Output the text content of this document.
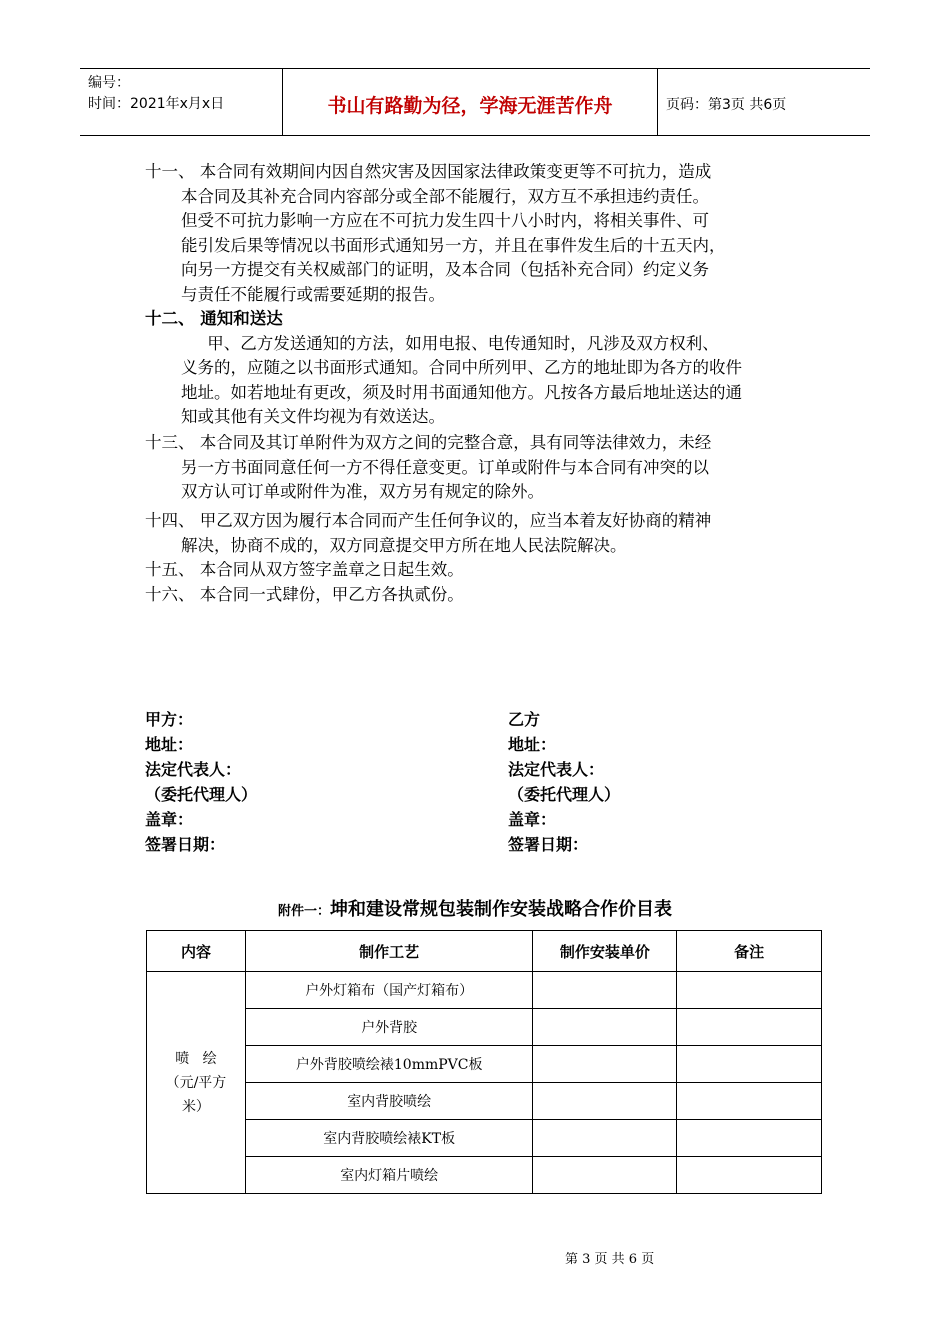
编号：
时间：2021年x月x日	书山有路勤为径，学海无涯苦作舟	页码：第3页 共6页
十一、 本合同有效期间内因自然灾害及因国家法律政策变更等不可抗力，造成
本合同及其补充合同内容部分或全部不能履行，双方互不承担违约责任。
但受不可抗力影响一方应在不可抗力发生四十八小时内，将相关事件、可
能引发后果等情况以书面形式通知另一方，并且在事件发生后的十五天内，
向另一方提交有关权威部门的证明，及本合同（包括补充合同）约定义务
与责任不能履行或需要延期的报告。
十二、 通知和送达
甲、乙方发送通知的方法，如用电报、电传通知时，凡涉及双方权利、
义务的，应随之以书面形式通知。合同中所列甲、乙方的地址即为各方的收件
地址。如若地址有更改，须及时用书面通知他方。凡按各方最后地址送达的通
知或其他有关文件均视为有效送达。
十三、 本合同及其订单附件为双方之间的完整合意，具有同等法律效力，未经
另一方书面同意任何一方不得任意变更。订单或附件与本合同有冲突的以
双方认可订单或附件为准，双方另有规定的除外。
十四、 甲乙双方因为履行本合同而产生任何争议的，应当本着友好协商的精神
解决，协商不成的，双方同意提交甲方所在地人民法院解决。
十五、 本合同从双方签字盖章之日起生效。
十六、 本合同一式肆份，甲乙方各执贰份。
甲方：
地址：
法定代表人：
（委托代理人）
盖章：
签署日期：
乙方
地址：
法定代表人：
（委托代理人）
盖章：
签署日期：
附件一：坤和建设常规包装制作安装战略合作价目表
内容	制作工艺	制作安装单价	备注

喷   绘
（元/平方
米）	户外灯箱布（国产灯箱布）		
	户外背胶		
	户外背胶喷绘裱10mmPVC板		
	室内背胶喷绘		
	室内背胶喷绘裱KT板		
	室内灯箱片喷绘		
第 3 页 共 6 页
